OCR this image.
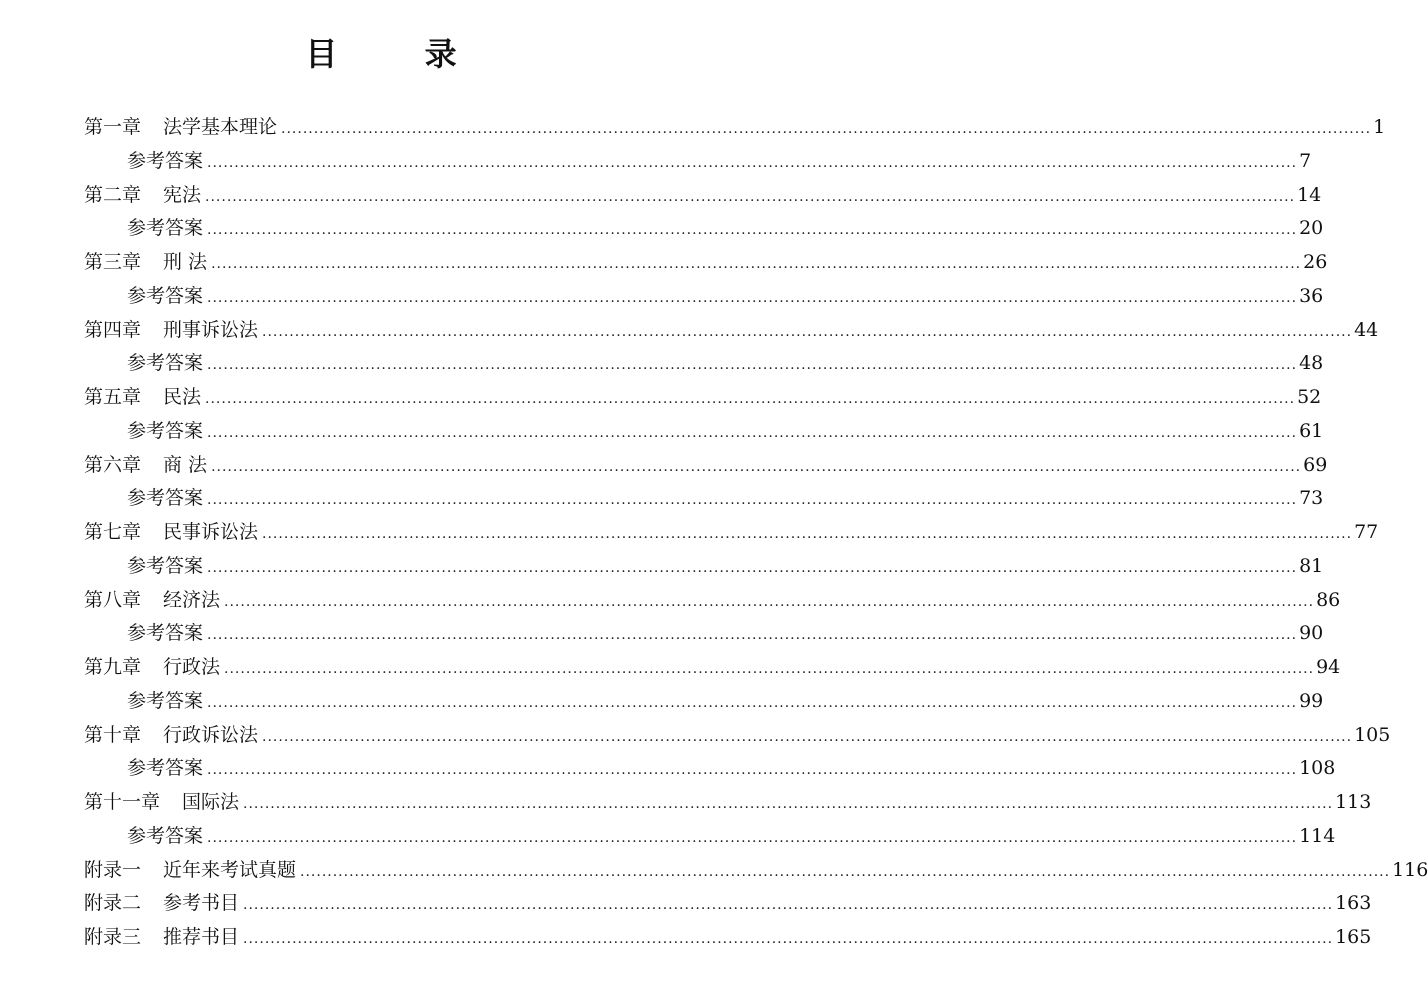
目 录
第一章 法学基本理论 ........................................................................................................................................................................................................ 1
参考答案 ........................................................................................................................................................................................................ 7
第二章 宪法 ........................................................................................................................................................................................................ 14
参考答案 ........................................................................................................................................................................................................ 20
第三章 刑 法 ........................................................................................................................................................................................................ 26
参考答案 ........................................................................................................................................................................................................ 36
第四章 刑事诉讼法 ........................................................................................................................................................................................................ 44
参考答案 ........................................................................................................................................................................................................ 48
第五章 民法 ........................................................................................................................................................................................................ 52
参考答案 ........................................................................................................................................................................................................ 61
第六章 商 法 ........................................................................................................................................................................................................ 69
参考答案 ........................................................................................................................................................................................................ 73
第七章 民事诉讼法 ........................................................................................................................................................................................................ 77
参考答案 ........................................................................................................................................................................................................ 81
第八章 经济法 ........................................................................................................................................................................................................ 86
参考答案 ........................................................................................................................................................................................................ 90
第九章 行政法 ........................................................................................................................................................................................................ 94
参考答案 ........................................................................................................................................................................................................ 99
第十章 行政诉讼法 ........................................................................................................................................................................................................ 105
参考答案 ........................................................................................................................................................................................................ 108
第十一章 国际法 ........................................................................................................................................................................................................ 113
参考答案 ........................................................................................................................................................................................................ 114
附录一 近年来考试真题 ........................................................................................................................................................................................................ 116
附录二 参考书目 ........................................................................................................................................................................................................ 163
附录三 推荐书目 ........................................................................................................................................................................................................ 165
